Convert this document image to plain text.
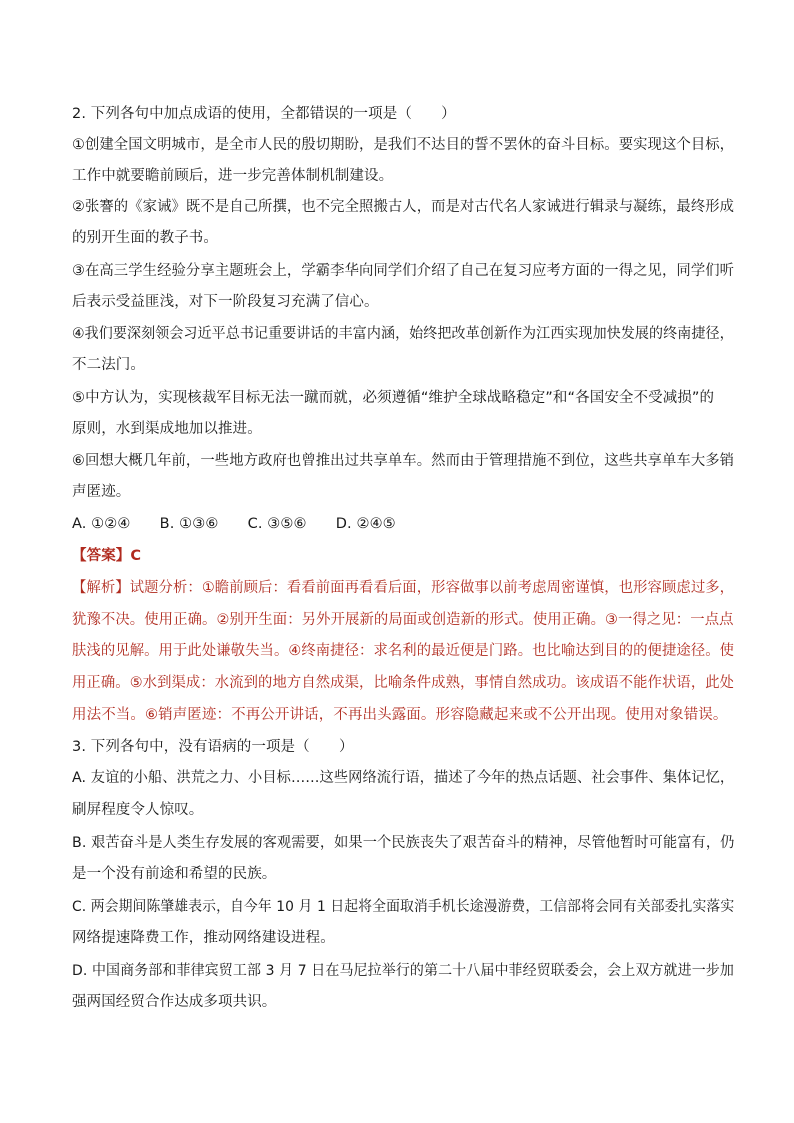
2. 下列各句中加点成语的使用，全都错误的一项是（　　）
①创建全国文明城市，是全市人民的殷切期盼，是我们不达目的誓不罢休的奋斗目标。要实现这个目标，
工作中就要瞻前顾后，进一步完善体制机制建设。
②张謇的《家诫》既不是自己所撰，也不完全照搬古人，而是对古代名人家诫进行辑录与凝练，最终形成
的别开生面的教子书。
③在高三学生经验分享主题班会上，学霸李华向同学们介绍了自己在复习应考方面的一得之见，同学们听
后表示受益匪浅，对下一阶段复习充满了信心。
④我们要深刻领会习近平总书记重要讲话的丰富内涵，始终把改革创新作为江西实现加快发展的终南捷径，
不二法门。
⑤中方认为，实现核裁军目标无法一蹴而就，必须遵循“维护全球战略稳定”和“各国安全不受减损”的
原则，水到渠成地加以推进。
⑥回想大概几年前，一些地方政府也曾推出过共享单车。然而由于管理措施不到位，这些共享单车大多销
声匿迹。
A. ①②④　　B. ①③⑥　　C. ③⑤⑥　　D. ②④⑤
【答案】C
【解析】试题分析：①瞻前顾后：看看前面再看看后面，形容做事以前考虑周密谨慎，也形容顾虑过多，
犹豫不决。使用正确。②别开生面：另外开展新的局面或创造新的形式。使用正确。③一得之见：一点点
肤浅的见解。用于此处谦敬失当。④终南捷径：求名利的最近便是门路。也比喻达到目的的便捷途径。使
用正确。⑤水到渠成：水流到的地方自然成渠，比喻条件成熟，事情自然成功。该成语不能作状语，此处
用法不当。⑥销声匿迹：不再公开讲话，不再出头露面。形容隐藏起来或不公开出现。使用对象错误。
3. 下列各句中，没有语病的一项是（　　）
A. 友谊的小船、洪荒之力、小目标……这些网络流行语，描述了今年的热点话题、社会事件、集体记忆，
刷屏程度令人惊叹。
B. 艰苦奋斗是人类生存发展的客观需要，如果一个民族丧失了艰苦奋斗的精神，尽管他暂时可能富有，仍
是一个没有前途和希望的民族。
C. 两会期间陈肇雄表示，自今年 10 月 1 日起将全面取消手机长途漫游费，工信部将会同有关部委扎实落实
网络提速降费工作，推动网络建设进程。
D. 中国商务部和菲律宾贸工部 3 月 7 日在马尼拉举行的第二十八届中菲经贸联委会，会上双方就进一步加
强两国经贸合作达成多项共识。
